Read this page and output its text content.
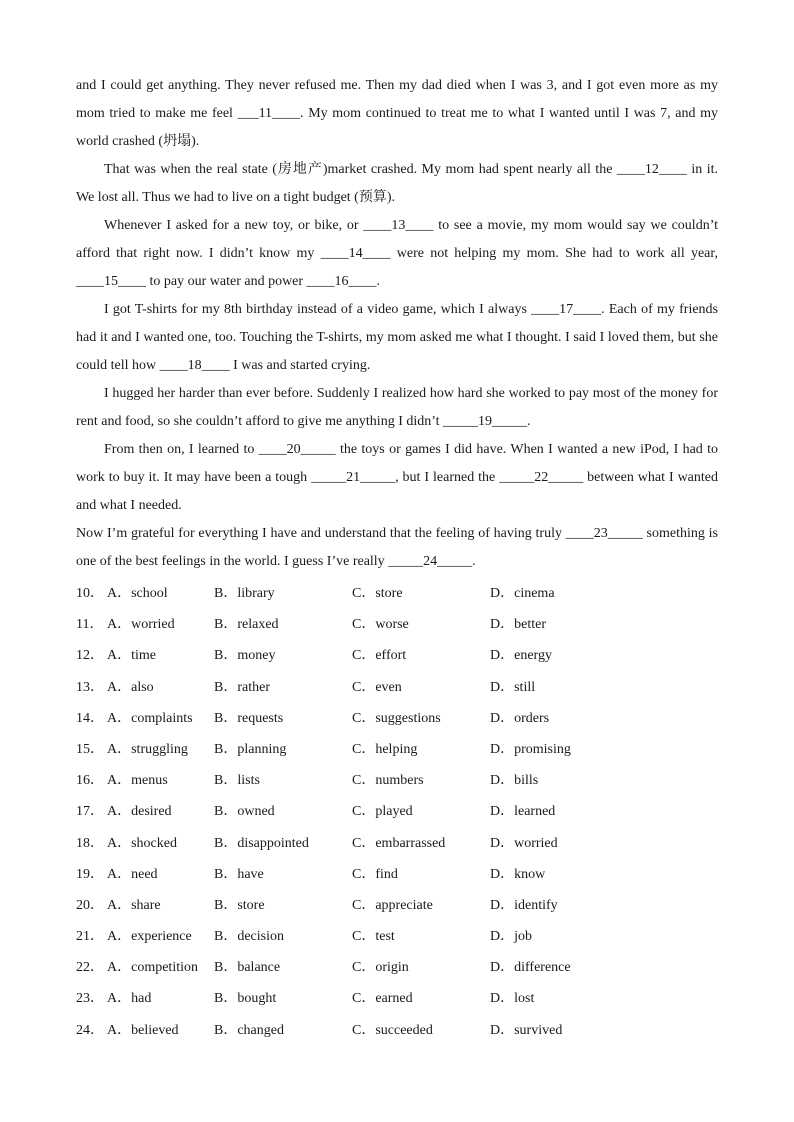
and I could get anything. They never refused me. Then my dad died when I was 3, and I got even more as my mom tried to make me feel ___11____. My mom continued to treat me to what I wanted until I was 7, and my world crashed (坍塌).

That was when the real state (房地产)market crashed. My mom had spent nearly all the ____12____ in it. We lost all. Thus we had to live on a tight budget (预算).

Whenever I asked for a new toy, or bike, or ____13____ to see a movie, my mom would say we couldn’t afford that right now. I didn’t know my ____14____ were not helping my mom. She had to work all year, ____15____ to pay our water and power ____16____.

I got T-shirts for my 8th birthday instead of a video game, which I always ____17____. Each of my friends had it and I wanted one, too. Touching the T-shirts, my mom asked me what I thought. I said I loved them, but she could tell how ____18____ I was and started crying.

I hugged her harder than ever before. Suddenly I realized how hard she worked to pay most of the money for rent and food, so she couldn’t afford to give me anything I didn’t _____19_____.

From then on, I learned to ____20_____ the toys or games I did have. When I wanted a new iPod, I had to work to buy it. It may have been a tough _____21_____, but I learned the _____22_____ between what I wanted and what I needed.

Now I’m grateful for everything I have and understand that the feeling of having truly ____23_____ something is one of the best feelings in the world. I guess I’ve really _____24_____.

10． A．school	B．library	C．store	D．cinema
11． A．worried	B．relaxed	C．worse	D．better
12． A．time	B．money	C．effort	D．energy
13． A．also	B．rather	C．even	D．still
14． A．complaints B．requests	C．suggestions	D．orders
15． A．struggling B．planning	C．helping	D．promising
16． A．menus	B．lists	C．numbers	D．bills
17． A．desired	B．owned	C．played	D．learned
18． A．shocked	B．disappointed	C．embarrassed	D．worried
19． A．need	B．have	C．find	D．know
20． A．share	B．store	C．appreciate	D．identify
21． A．experience B．decision	C．test	D．job
22． A．competition B．balance	C．origin	D．difference
23． A．had	B．bought	C．earned	D．lost
24． A．believed	B．changed	C．succeeded	D．survived
